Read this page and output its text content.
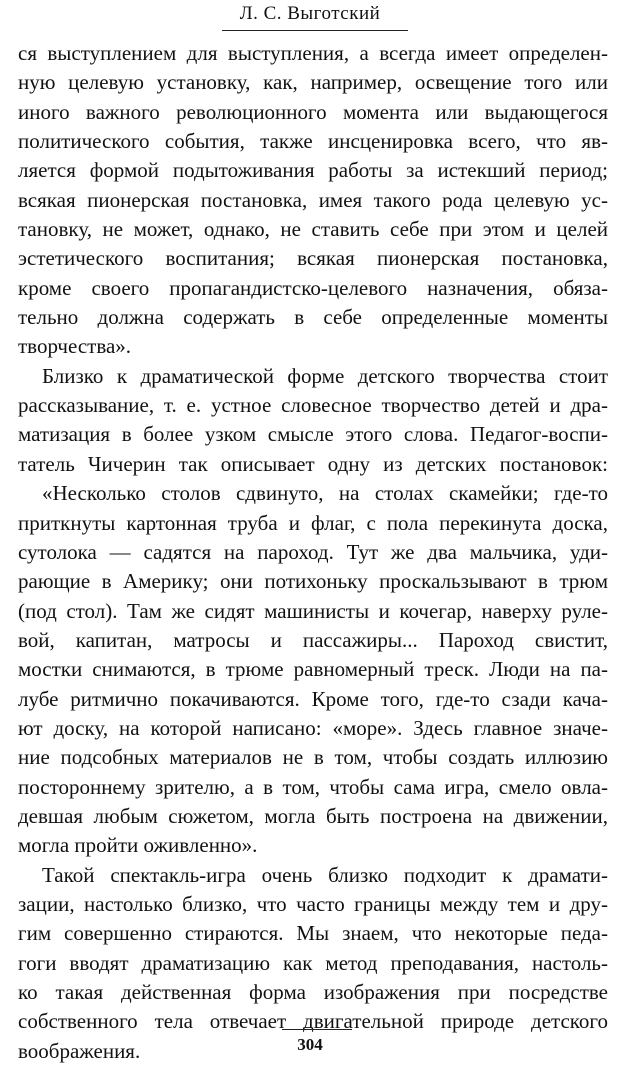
Л. С. Выготский
ся выступлением для выступления, а всегда имеет определен-
ную целевую установку, как, например, освещение того или
иного важного революционного момента или выдающегося
политического события, также инсценировка всего, что яв-
ляется формой подытоживания работы за истекший период;
всякая пионерская постановка, имея такого рода целевую ус-
тановку, не может, однако, не ставить себе при этом и целей
эстетического воспитания; всякая пионерская постановка,
кроме своего пропагандистско-целевого назначения, обяза-
тельно должна содержать в себе определенные моменты
творчества».
Близко к драматической форме детского творчества стоит
рассказывание, т. е. устное словесное творчество детей и дра-
матизация в более узком смысле этого слова. Педагог-воспи-
татель Чичерин так описывает одну из детских постановок:
«Несколько столов сдвинуто, на столах скамейки; где-то
приткнуты картонная труба и флаг, с пола перекинута доска,
сутолока — садятся на пароход. Тут же два мальчика, уди-
рающие в Америку; они потихоньку проскальзывают в трюм
(под стол). Там же сидят машинисты и кочегар, наверху руле-
вой, капитан, матросы и пассажиры... Пароход свистит,
мостки снимаются, в трюме равномерный треск. Люди на па-
лубе ритмично покачиваются. Кроме того, где-то сзади кача-
ют доску, на которой написано: «море». Здесь главное значе-
ние подсобных материалов не в том, чтобы создать иллюзию
постороннему зрителю, а в том, чтобы сама игра, смело овла-
девшая любым сюжетом, могла быть построена на движении,
могла пройти оживленно».
Такой спектакль-игра очень близко подходит к драмати-
зации, настолько близко, что часто границы между тем и дру-
гим совершенно стираются. Мы знаем, что некоторые педа-
гоги вводят драматизацию как метод преподавания, настоль-
ко такая действенная форма изображения при посредстве
собственного тела отвечает двигательной природе детского
воображения.	304
